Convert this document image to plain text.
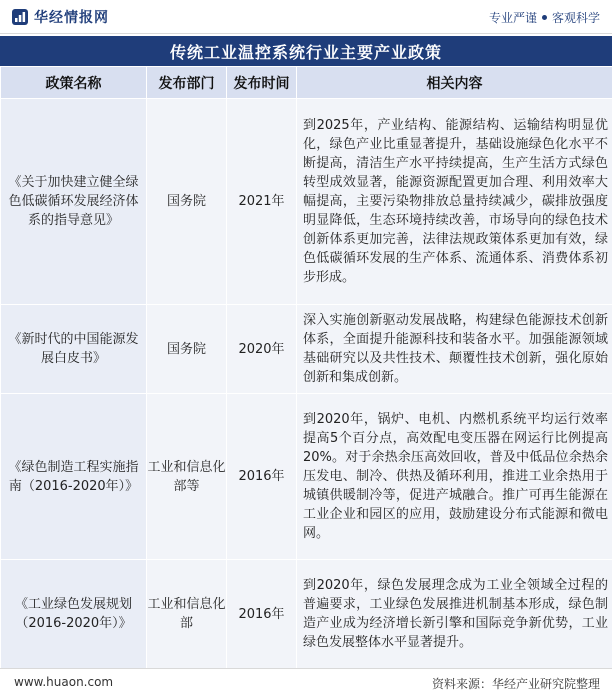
华经情报网	专业严谨 客观科学
传统工业温控系统行业主要产业政策
政策名称	发布部门	发布时间	相关内容
《关于加快建立健全绿色低碳循环发展经济体系的指导意见》	国务院	2021年	到2025年，产业结构、能源结构、运输结构明显优化，绿色产业比重显著提升，基础设施绿色化水平不断提高，清洁生产水平持续提高，生产生活方式绿色转型成效显著，能源资源配置更加合理、利用效率大幅提高，主要污染物排放总量持续减少，碳排放强度明显降低，生态环境持续改善，市场导向的绿色技术创新体系更加完善，法律法规政策体系更加有效，绿色低碳循环发展的生产体系、流通体系、消费体系初步形成。
《新时代的中国能源发展白皮书》	国务院	2020年	深入实施创新驱动发展战略，构建绿色能源技术创新体系，全面提升能源科技和装备水平。加强能源领域基础研究以及共性技术、颠覆性技术创新，强化原始创新和集成创新。
《绿色制造工程实施指南（2016-2020年）》	工业和信息化部等	2016年	到2020年，锅炉、电机、内燃机系统平均运行效率提高5个百分点，高效配电变压器在网运行比例提高20%。对于余热余压高效回收，普及中低品位余热余压发电、制冷、供热及循环利用，推进工业余热用于城镇供暖制冷等，促进产城融合。推广可再生能源在工业企业和园区的应用，鼓励建设分布式能源和微电网。
《工业绿色发展规划（2016-2020年）》	工业和信息化部	2016年	到2020年，绿色发展理念成为工业全领域全过程的普遍要求，工业绿色发展推进机制基本形成，绿色制造产业成为经济增长新引擎和国际竞争新优势，工业绿色发展整体水平显著提升。
www.huaon.com	资料来源：华经产业研究院整理
